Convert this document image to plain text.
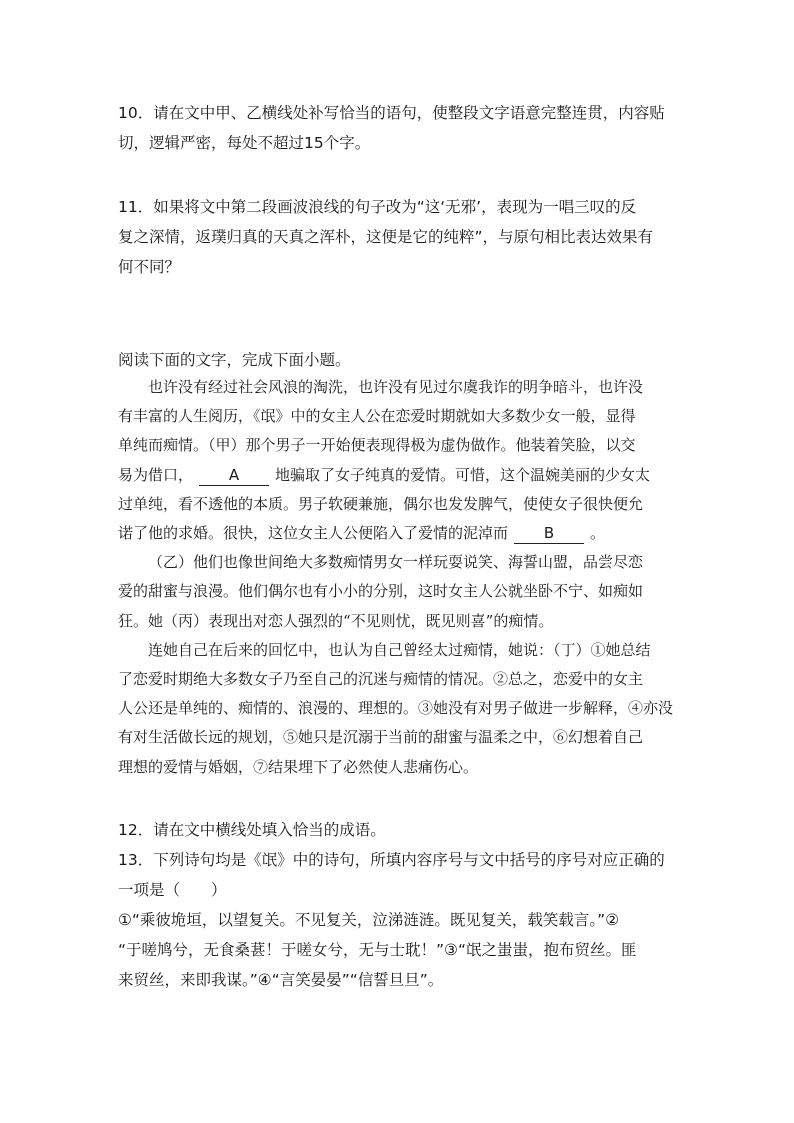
10．请在文中甲、乙横线处补写恰当的语句，使整段文字语意完整连贯，内容贴
切，逻辑严密，每处不超过15个字。
11．如果将文中第二段画波浪线的句子改为“这‘无邪’，表现为一唱三叹的反
复之深情，返璞归真的天真之浑朴，这便是它的纯粹”，与原句相比表达效果有
何不同？
阅读下面的文字，完成下面小题。
也许没有经过社会风浪的淘洗，也许没有见过尔虞我诈的明争暗斗，也许没
有丰富的人生阅历，《氓》中的女主人公在恋爱时期就如大多数少女一般，显得
单纯而痴情。（甲）那个男子一开始便表现得极为虚伪做作。他装着笑脸，以交
易为借口， A 地骗取了女子纯真的爱情。可惜，这个温婉美丽的少女太
过单纯，看不透他的本质。男子软硬兼施，偶尔也发发脾气，使使女子很快便允
诺了他的求婚。很快，这位女主人公便陷入了爱情的泥淖而 B 。
（乙）他们也像世间绝大多数痴情男女一样玩耍说笑、海誓山盟，品尝尽恋
爱的甜蜜与浪漫。他们偶尔也有小小的分别，这时女主人公就坐卧不宁、如痴如
狂。她（丙）表现出对恋人强烈的“不见则忧，既见则喜”的痴情。
连她自己在后来的回忆中，也认为自己曾经太过痴情，她说：（丁）①她总结
了恋爱时期绝大多数女子乃至自己的沉迷与痴情的情况。②总之，恋爱中的女主
人公还是单纯的、痴情的、浪漫的、理想的。③她没有对男子做进一步解释，④亦没
有对生活做长远的规划，⑤她只是沉溺于当前的甜蜜与温柔之中，⑥幻想着自己
理想的爱情与婚姻，⑦结果埋下了必然使人悲痛伤心。
12．请在文中横线处填入恰当的成语。
13．下列诗句均是《氓》中的诗句，所填内容序号与文中括号的序号对应正确的
一项是（　　）
①“乘彼垝垣，以望复关。不见复关，泣涕涟涟。既见复关，载笑载言。”②
“于嗟鸠兮，无食桑葚！于嗟女兮，无与士耽！”③“氓之蚩蚩，抱布贸丝。匪
来贸丝，来即我谋。”④“言笑晏晏”“信誓旦旦”。
